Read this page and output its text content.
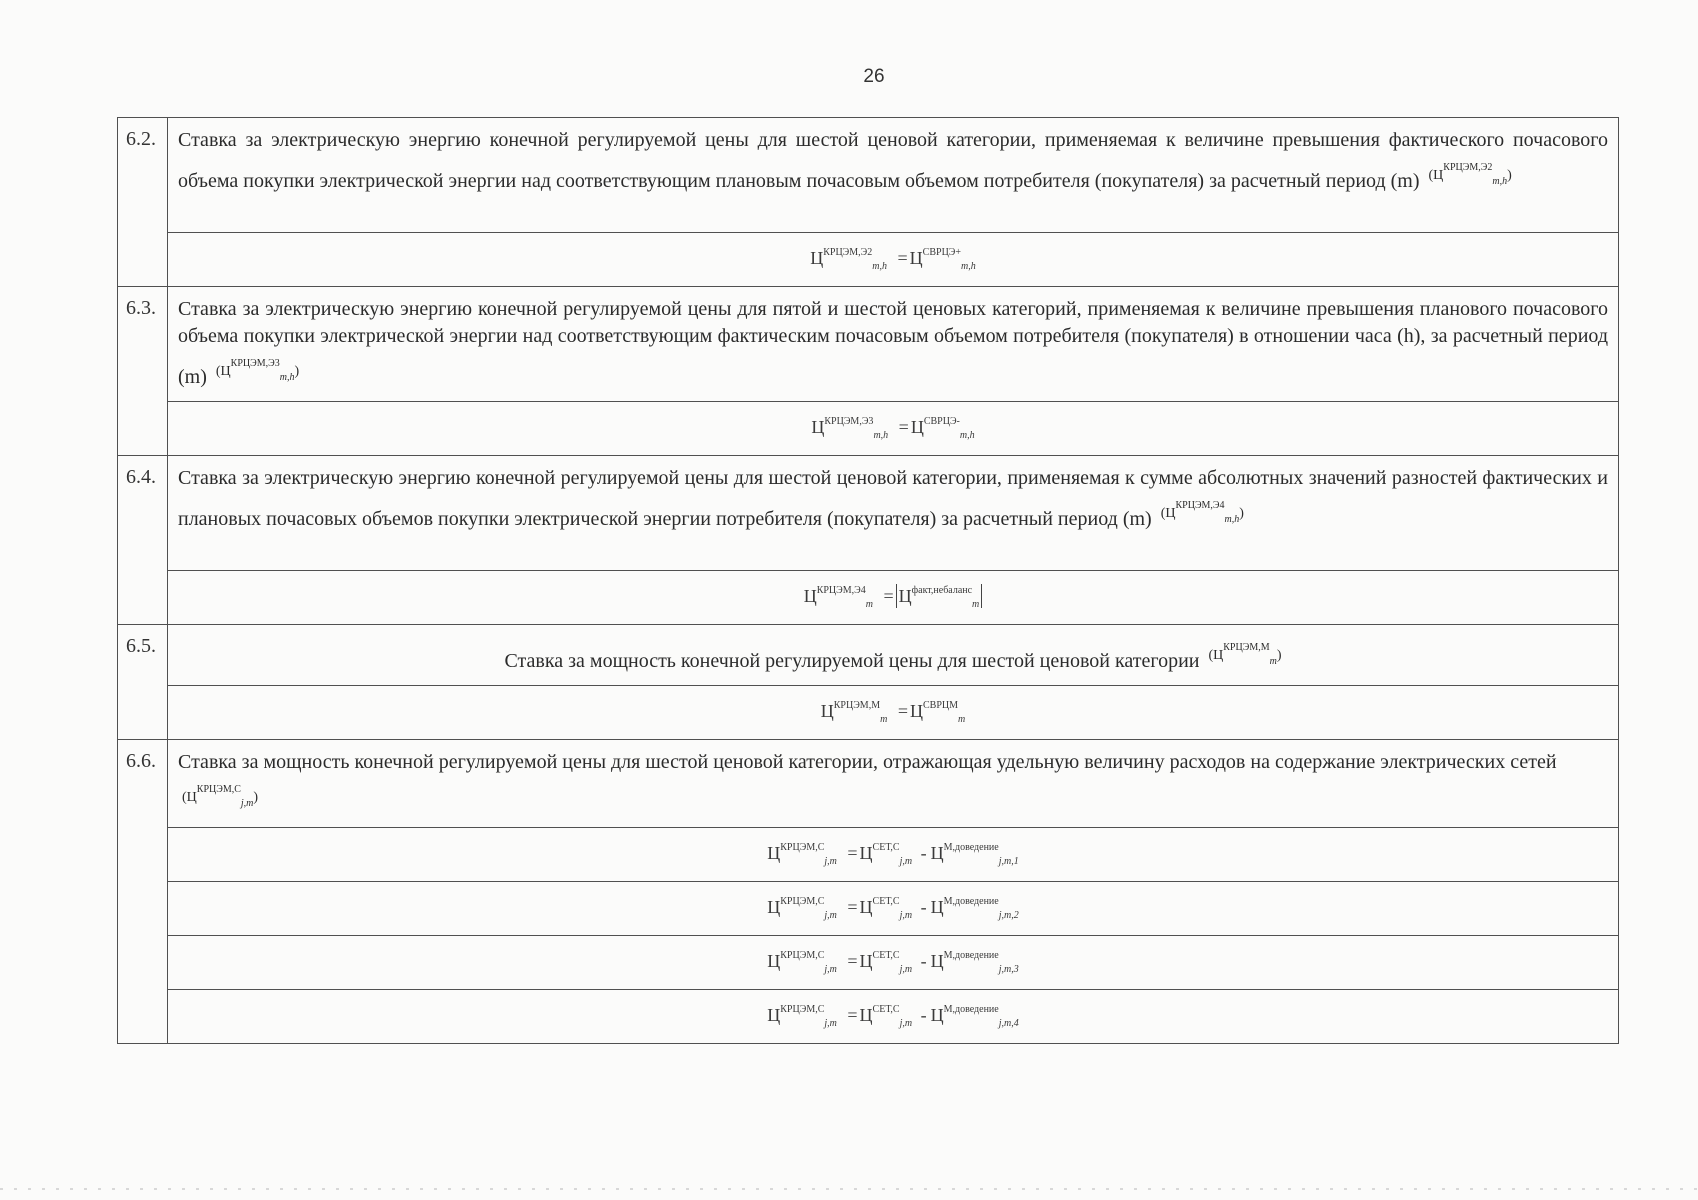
26
6.2.	Ставка за электрическую энергию конечной регулируемой цены для шестой ценовой категории, применяемая к величине превышения фактического почасового объема покупки электрической энергии над соответствующим плановым почасовым объемом потребителя (покупателя) за расчетный период (m) $^{(Ц^{КРЦЭМ,Э2}_{m,h})}$
	$Ц^{КРЦЭМ,Э2}_{m,h} = Ц^{СВРЦЭ+}_{m,h}$
6.3.	Ставка за электрическую энергию конечной регулируемой цены для пятой и шестой ценовых категорий, применяемая к величине превышения планового почасового объема покупки электрической энергии над соответствующим фактическим почасовым объемом потребителя (покупателя) в отношении часа (h), за расчетный период (m) $^{(Ц^{КРЦЭМ,Э3}_{m,h})}$
	$Ц^{КРЦЭМ,Э3}_{m,h} = Ц^{СВРЦЭ-}_{m,h}$
6.4.	Ставка за электрическую энергию конечной регулируемой цены для шестой ценовой категории, применяемая к сумме абсолютных значений разностей фактических и плановых почасовых объемов покупки электрической энергии потребителя (покупателя) за расчетный период (m) $^{(Ц^{КРЦЭМ,Э4}_{m,h})}$
	$Ц^{КРЦЭМ,Э4}_m = Ц^{факт,небаланс}_m$
6.5.	Ставка за мощность конечной регулируемой цены для шестой ценовой категории $^{(Ц^{КРЦЭМ,М}_m)}$
	$Ц^{КРЦЭМ,М}_m = Ц^{СВРЦМ}_m$
6.6.	Ставка за мощность конечной регулируемой цены для шестой ценовой категории, отражающая удельную величину расходов на содержание электрических сетей $^{(Ц^{КРЦЭМ,С}_{j,m})}$
	$Ц^{КРЦЭМ,С}_{j,m} = Ц^{СЕТ,С}_{j,m} - Ц^{М,доведение}_{j,m,1}$
	$Ц^{КРЦЭМ,С}_{j,m} = Ц^{СЕТ,С}_{j,m} - Ц^{М,доведение}_{j,m,2}$
	$Ц^{КРЦЭМ,С}_{j,m} = Ц^{СЕТ,С}_{j,m} - Ц^{М,доведение}_{j,m,3}$
	$Ц^{КРЦЭМ,С}_{j,m} = Ц^{СЕТ,С}_{j,m} - Ц^{М,доведение}_{j,m,4}$
